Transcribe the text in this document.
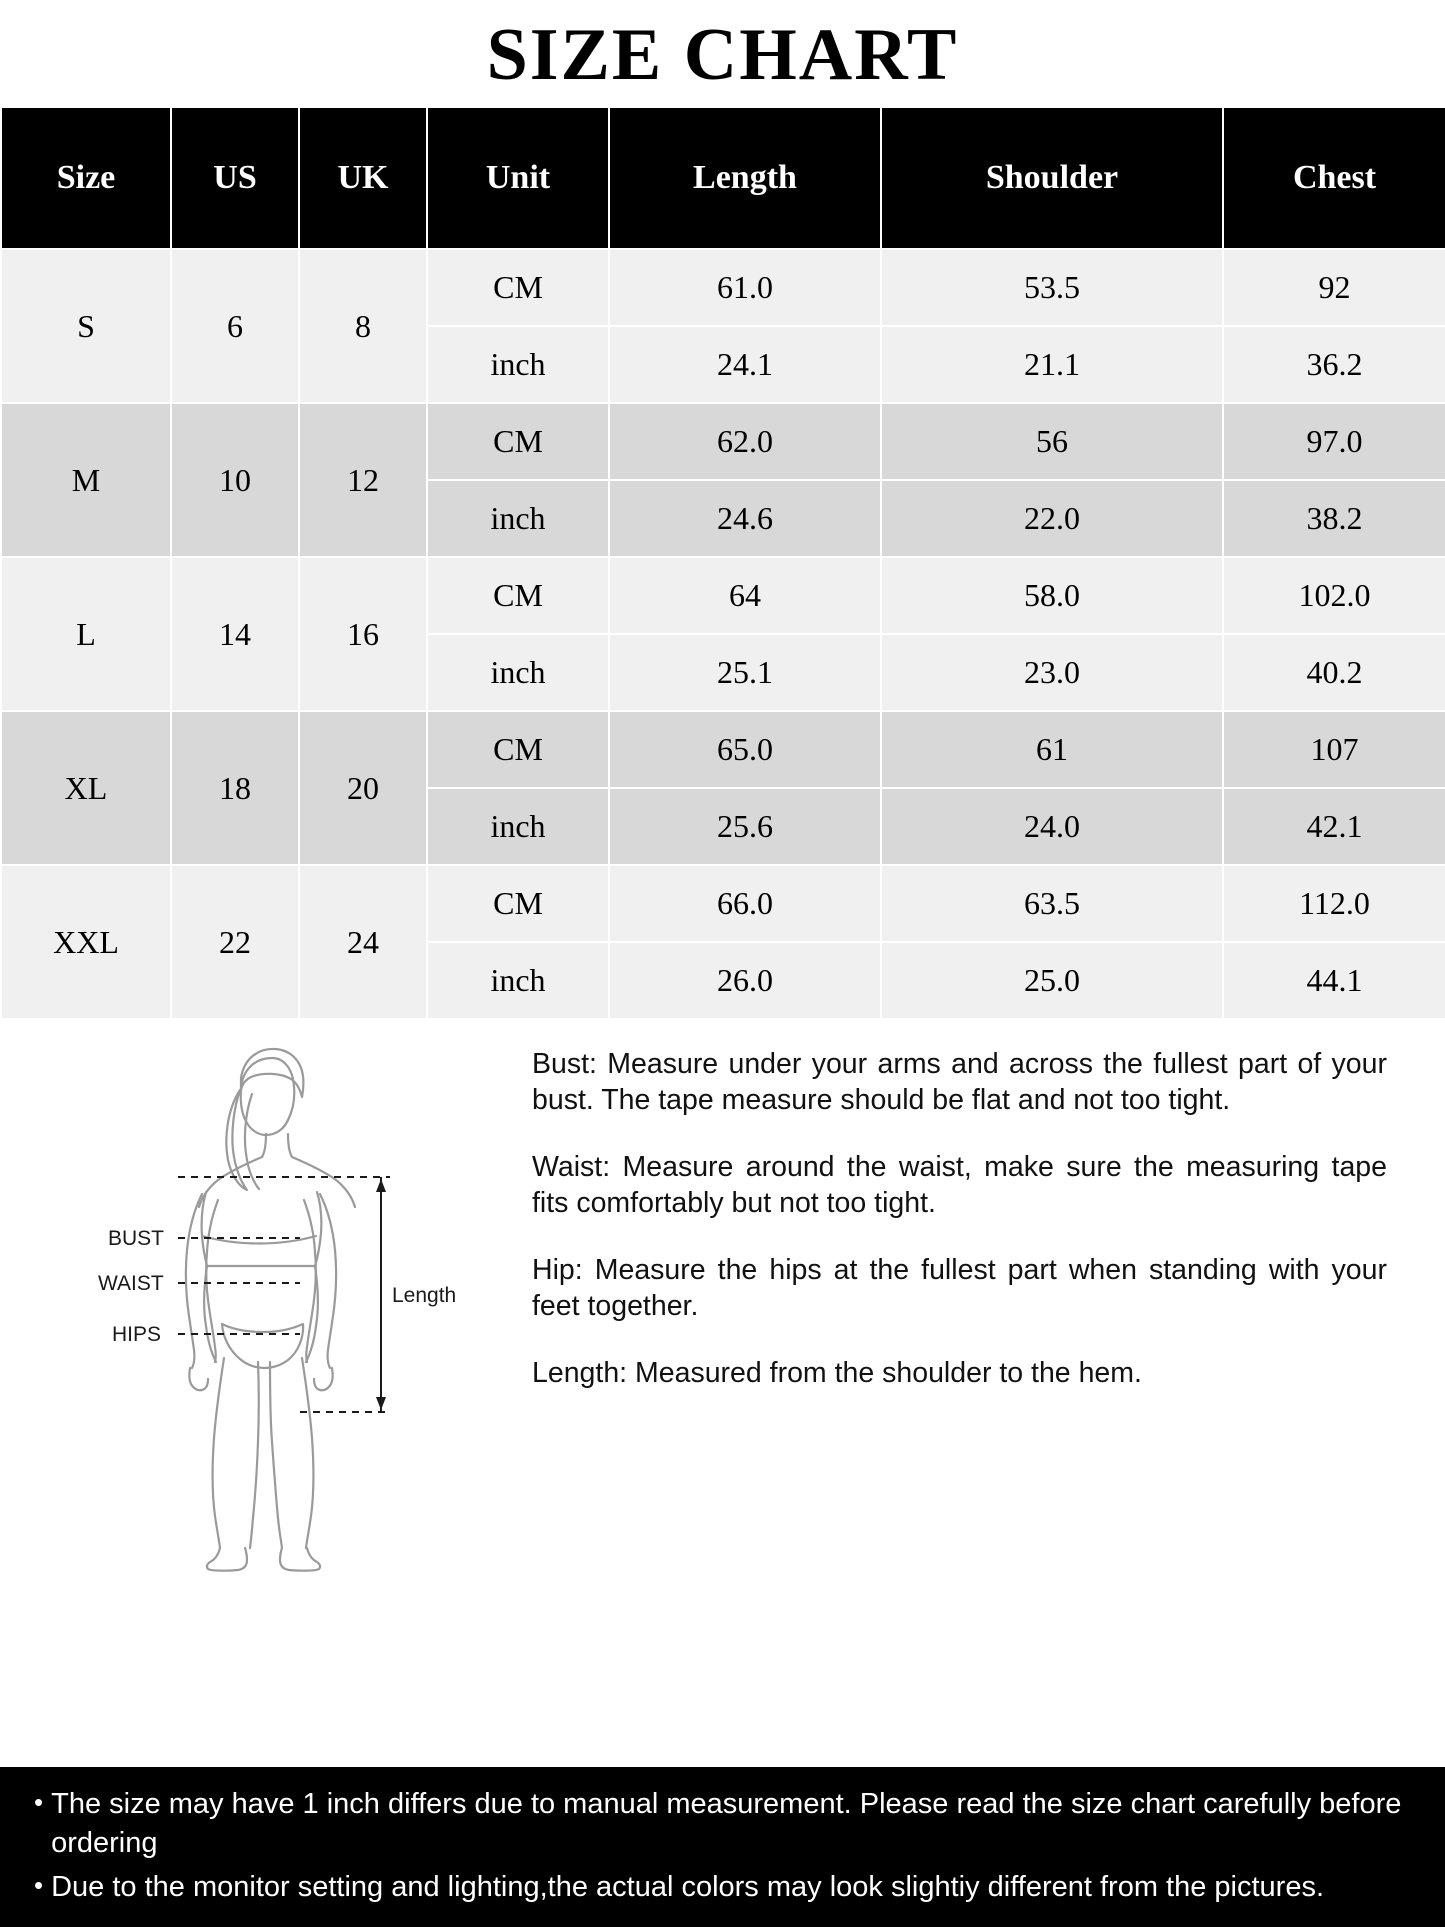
SIZE CHART
Size	US	UK	Unit	Length	Shoulder	Chest
S	6	8	CM	61.0	53.5	92
			inch	24.1	21.1	36.2
M	10	12	CM	62.0	56	97.0
			inch	24.6	22.0	38.2
L	14	16	CM	64	58.0	102.0
			inch	25.1	23.0	40.2
XL	18	20	CM	65.0	61	107
			inch	25.6	24.0	42.1
XXL	22	24	CM	66.0	63.5	112.0
			inch	26.0	25.0	44.1
BUST
WAIST
HIPS
Length

Bust: Measure under your arms and across the fullest part of your bust. The tape measure should be flat and not too tight.

Waist: Measure around the waist, make sure the measuring tape fits comfortably but not too tight.

Hip: Measure the hips at the fullest part when standing with your feet together.

Length: Measured from the shoulder to the hem.

• The size may have 1 inch differs due to manual measurement. Please read the size chart carefully before ordering
• Due to the monitor setting and lighting,the actual colors may look slightiy different from the pictures.
